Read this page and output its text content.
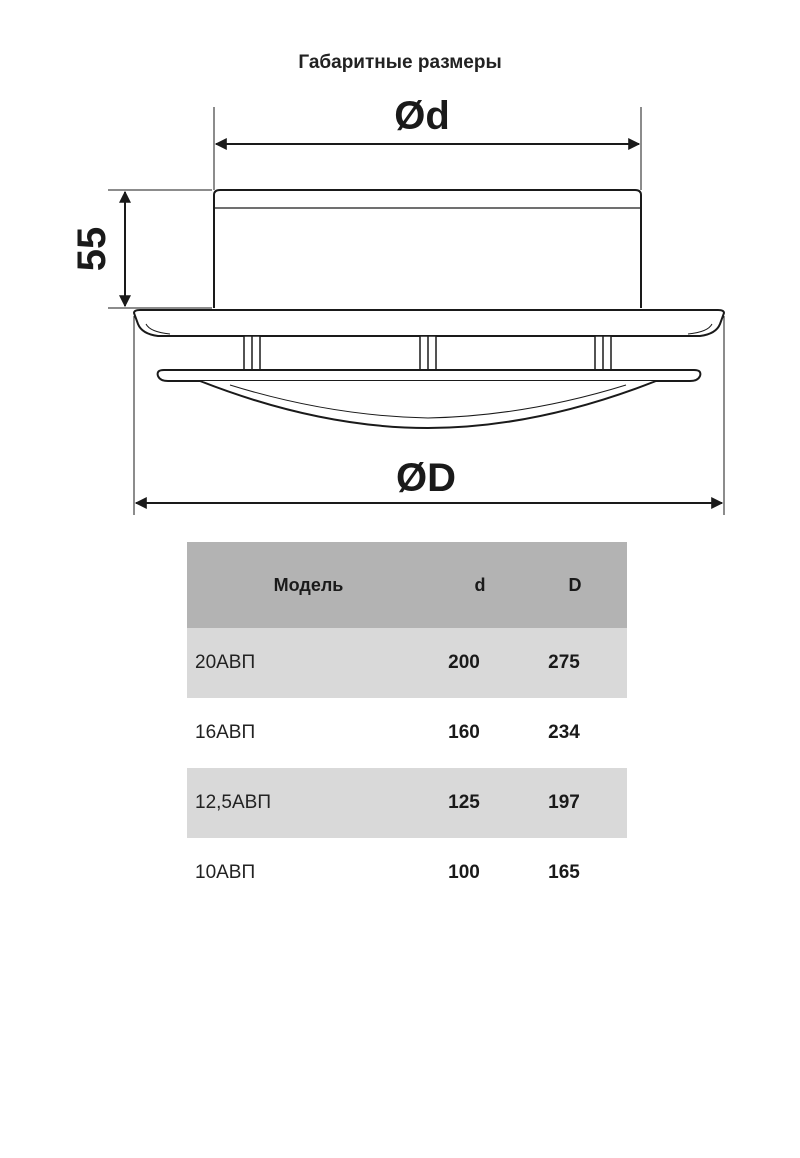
Габаритные размеры
Ød
55
ØD
Модель	d	D
20АВП	200	275
16АВП	160	234
12,5АВП	125	197
10АВП	100	165
